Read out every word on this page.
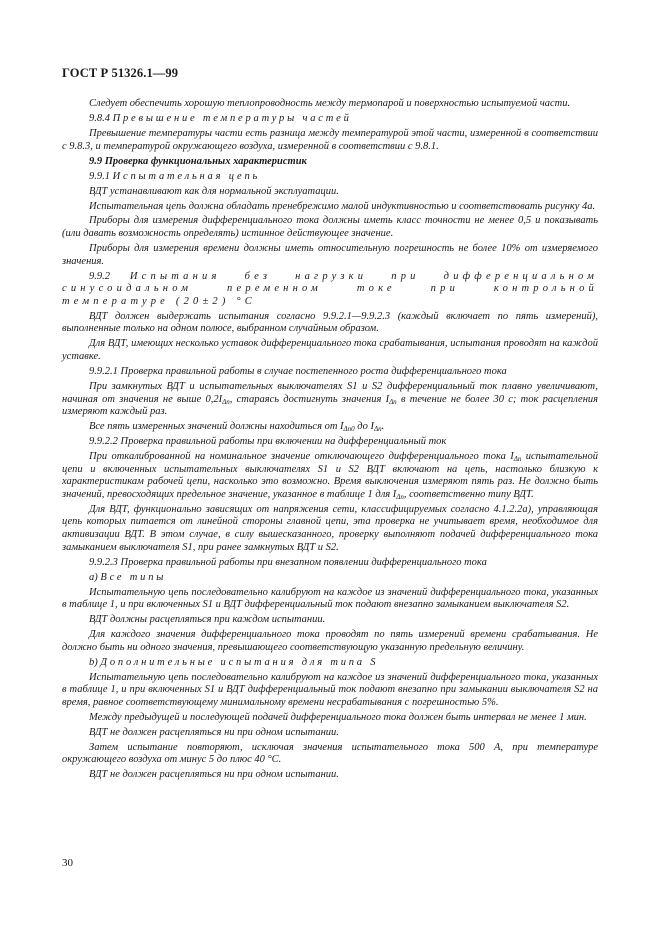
ГОСТ Р 51326.1—99

Следует обеспечить хорошую теплопроводность между термопарой и поверхностью испытуемой части.

9.8.4 Превышение температуры частей

Превышение температуры части есть разница между температурой этой части, измеренной в соответствии с 9.8.3, и температурой окружающего воздуха, измеренной в соответствии с 9.8.1.

9.9 Проверка функциональных характеристик

9.9.1 Испытательная цепь

ВДТ устанавливают как для нормальной эксплуатации.

Испытательная цепь должна обладать пренебрежимо малой индуктивностью и соответствовать рисунку 4а.

Приборы для измерения дифференциального тока должны иметь класс точности не менее 0,5 и показывать (или давать возможность определять) истинное действующее значение.

Приборы для измерения времени должны иметь относительную погрешность не более 10% от измеряемого значения.

9.9.2 Испытания без нагрузки при дифференциальном синусоидальном переменном токе при контрольной температуре (20±2) °С

ВДТ должен выдержать испытания согласно 9.9.2.1—9.9.2.3 (каждый включает по пять измерений), выполненные только на одном полюсе, выбранном случайным образом.

Для ВДТ, имеющих несколько уставок дифференциального тока срабатывания, испытания проводят на каждой уставке.

9.9.2.1 Проверка правильной работы в случае постепенного роста дифференциального тока

При замкнутых ВДТ и испытательных выключателях S1 и S2 дифференциальный ток плавно увеличивают, начиная от значения не выше $0,2I_{\Delta n}$, стараясь достигнуть значения $I_{\Delta n}$ в течение не более 30 с; ток расцепления измеряют каждый раз.

Все пять измеренных значений должны находиться от $I_{\Delta n0}$ до $I_{\Delta n}$.

9.9.2.2 Проверка правильной работы при включении на дифференциальный ток

При откалиброванной на номинальное значение отключающего дифференциального тока $I_{\Delta n}$ испытательной цепи и включенных испытательных выключателях S1 и S2 ВДТ включают на цепь, настолько близкую к характеристикам рабочей цепи, насколько это возможно. Время выключения измеряют пять раз. Не должно быть значений, превосходящих предельное значение, указанное в таблице 1 для $I_{\Delta n}$, соответственно типу ВДТ.

Для ВДТ, функционально зависящих от напряжения сети, классифицируемых согласно 4.1.2.2а), управляющая цепь которых питается от линейной стороны главной цепи, эта проверка не учитывает время, необходимое для активизации ВДТ. В этом случае, в силу вышесказанного, проверку выполняют подачей дифференциального тока замыканием выключателя S1, при ранее замкнутых ВДТ и S2.

9.9.2.3 Проверка правильной работы при внезапном появлении дифференциального тока

а) Все типы

Испытательную цепь последовательно калибруют на каждое из значений дифференциального тока, указанных в таблице 1, и при включенных S1 и ВДТ дифференциальный ток подают внезапно замыканием выключателя S2.

ВДТ должны расцепляться при каждом испытании.

Для каждого значения дифференциального тока проводят по пять измерений времени срабатывания. Не должно быть ни одного значения, превышающего соответствующую указанную предельную величину.

b) Дополнительные испытания для типа S

Испытательную цепь последовательно калибруют на каждое из значений дифференциального тока, указанных в таблице 1, и при включенных S1 и ВДТ дифференциальный ток подают внезапно при замыкании выключателя S2 на время, равное соответствующему минимальному времени несрабатывания с погрешностью 5%.

Между предыдущей и последующей подачей дифференциального тока должен быть интервал не менее 1 мин.

ВДТ не должен расцепляться ни при одном испытании.

Затем испытание повторяют, исключая значения испытательного тока 500 А, при температуре окружающего воздуха от минус 5 до плюс 40 °С.

ВДТ не должен расцепляться ни при одном испытании.

30
